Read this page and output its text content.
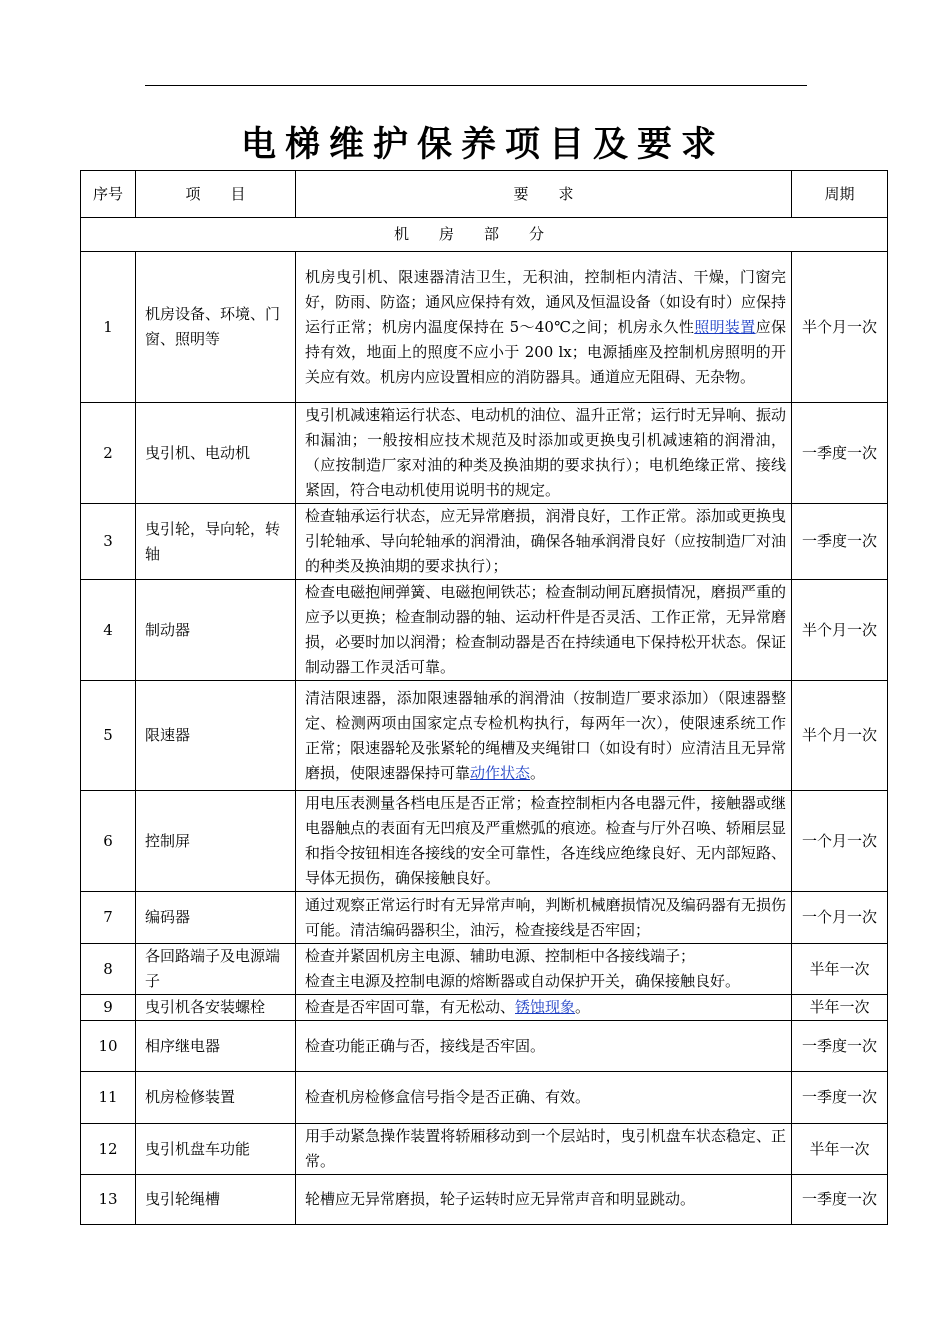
电梯维护保养项目及要求
序号	项　　目	要　　求	周期
机房部分			
1	机房设备、环境、门窗、照明等	机房曳引机、限速器清洁卫生，无积油，控制柜内清洁、干燥，门窗完好，防雨、防盗；通风应保持有效，通风及恒温设备（如设有时）应保持运行正常；机房内温度保持在 5～40℃之间；机房永久性照明装置应保持有效，地面上的照度不应小于 200 lx；电源插座及控制机房照明的开关应有效。机房内应设置相应的消防器具。通道应无阻碍、无杂物。	半个月一次
2	曳引机、电动机	曳引机减速箱运行状态、电动机的油位、温升正常；运行时无异响、振动和漏油；一般按相应技术规范及时添加或更换曳引机减速箱的润滑油，（应按制造厂家对油的种类及换油期的要求执行）；电机绝缘正常、接线紧固，符合电动机使用说明书的规定。	一季度一次
3	曳引轮，导向轮，转轴	检查轴承运行状态，应无异常磨损，润滑良好，工作正常。添加或更换曳引轮轴承、导向轮轴承的润滑油，确保各轴承润滑良好（应按制造厂对油的种类及换油期的要求执行）；	一季度一次
4	制动器	检查电磁抱闸弹簧、电磁抱闸铁芯；检查制动闸瓦磨损情况，磨损严重的应予以更换；检查制动器的轴、运动杆件是否灵活、工作正常，无异常磨损，必要时加以润滑；检查制动器是否在持续通电下保持松开状态。保证制动器工作灵活可靠。	半个月一次
5	限速器	清洁限速器，添加限速器轴承的润滑油（按制造厂要求添加）（限速器整定、检测两项由国家定点专检机构执行，每两年一次），使限速系统工作正常；限速器轮及张紧轮的绳槽及夹绳钳口（如设有时）应清洁且无异常磨损，使限速器保持可靠动作状态。	半个月一次
6	控制屏	用电压表测量各档电压是否正常；检查控制柜内各电器元件，接触器或继电器触点的表面有无凹痕及严重燃弧的痕迹。检查与厅外召唤、轿厢层显和指令按钮相连各接线的安全可靠性，各连线应绝缘良好、无内部短路、导体无损伤，确保接触良好。	一个月一次
7	编码器	通过观察正常运行时有无异常声响，判断机械磨损情况及编码器有无损伤可能。清洁编码器积尘，油污，检查接线是否牢固；	一个月一次
8	各回路端子及电源端子	检查并紧固机房主电源、辅助电源、控制柜中各接线端子；
检查主电源及控制电源的熔断器或自动保护开关，确保接触良好。	半年一次
9	曳引机各安装螺栓	检查是否牢固可靠，有无松动、锈蚀现象。	半年一次
10	相序继电器	检查功能正确与否，接线是否牢固。	一季度一次
11	机房检修装置	检查机房检修盒信号指令是否正确、有效。	一季度一次
12	曳引机盘车功能	用手动紧急操作装置将轿厢移动到一个层站时，曳引机盘车状态稳定、正常。	半年一次
13	曳引轮绳槽	轮槽应无异常磨损，轮子运转时应无异常声音和明显跳动。	一季度一次
